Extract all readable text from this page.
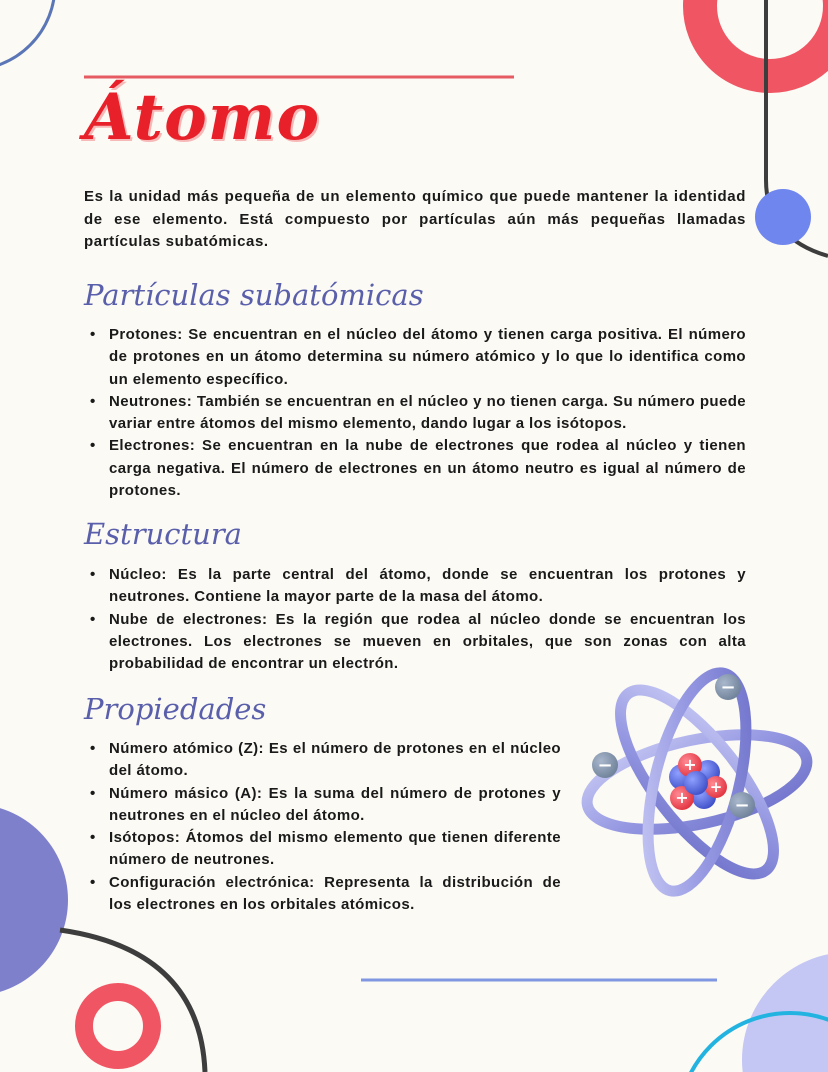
Átomo

Es la unidad más pequeña de un elemento químico que puede mantener la identidad de ese elemento. Está compuesto por partículas aún más pequeñas llamadas partículas subatómicas.

Partículas subatómicas
• Protones: Se encuentran en el núcleo del átomo y tienen carga positiva. El número de protones en un átomo determina su número atómico y lo que lo identifica como un elemento específico.
• Neutrones: También se encuentran en el núcleo y no tienen carga. Su número puede variar entre átomos del mismo elemento, dando lugar a los isótopos.
• Electrones: Se encuentran en la nube de electrones que rodea al núcleo y tienen carga negativa. El número de electrones en un átomo neutro es igual al número de protones.
Estructura
• Núcleo: Es la parte central del átomo, donde se encuentran los protones y neutrones. Contiene la mayor parte de la masa del átomo.
• Nube de electrones: Es la región que rodea al núcleo donde se encuentran los electrones. Los electrones se mueven en orbitales, que son zonas con alta probabilidad de encontrar un electrón.
Propiedades
• Número atómico (Z): Es el número de protones en el núcleo del átomo.
• Número másico (A): Es la suma del número de protones y neutrones en el núcleo del átomo.
• Isótopos: Átomos del mismo elemento que tienen diferente número de neutrones.
• Configuración electrónica: Representa la distribución de los electrones en los orbitales atómicos.
+
+
+
−
−
−
